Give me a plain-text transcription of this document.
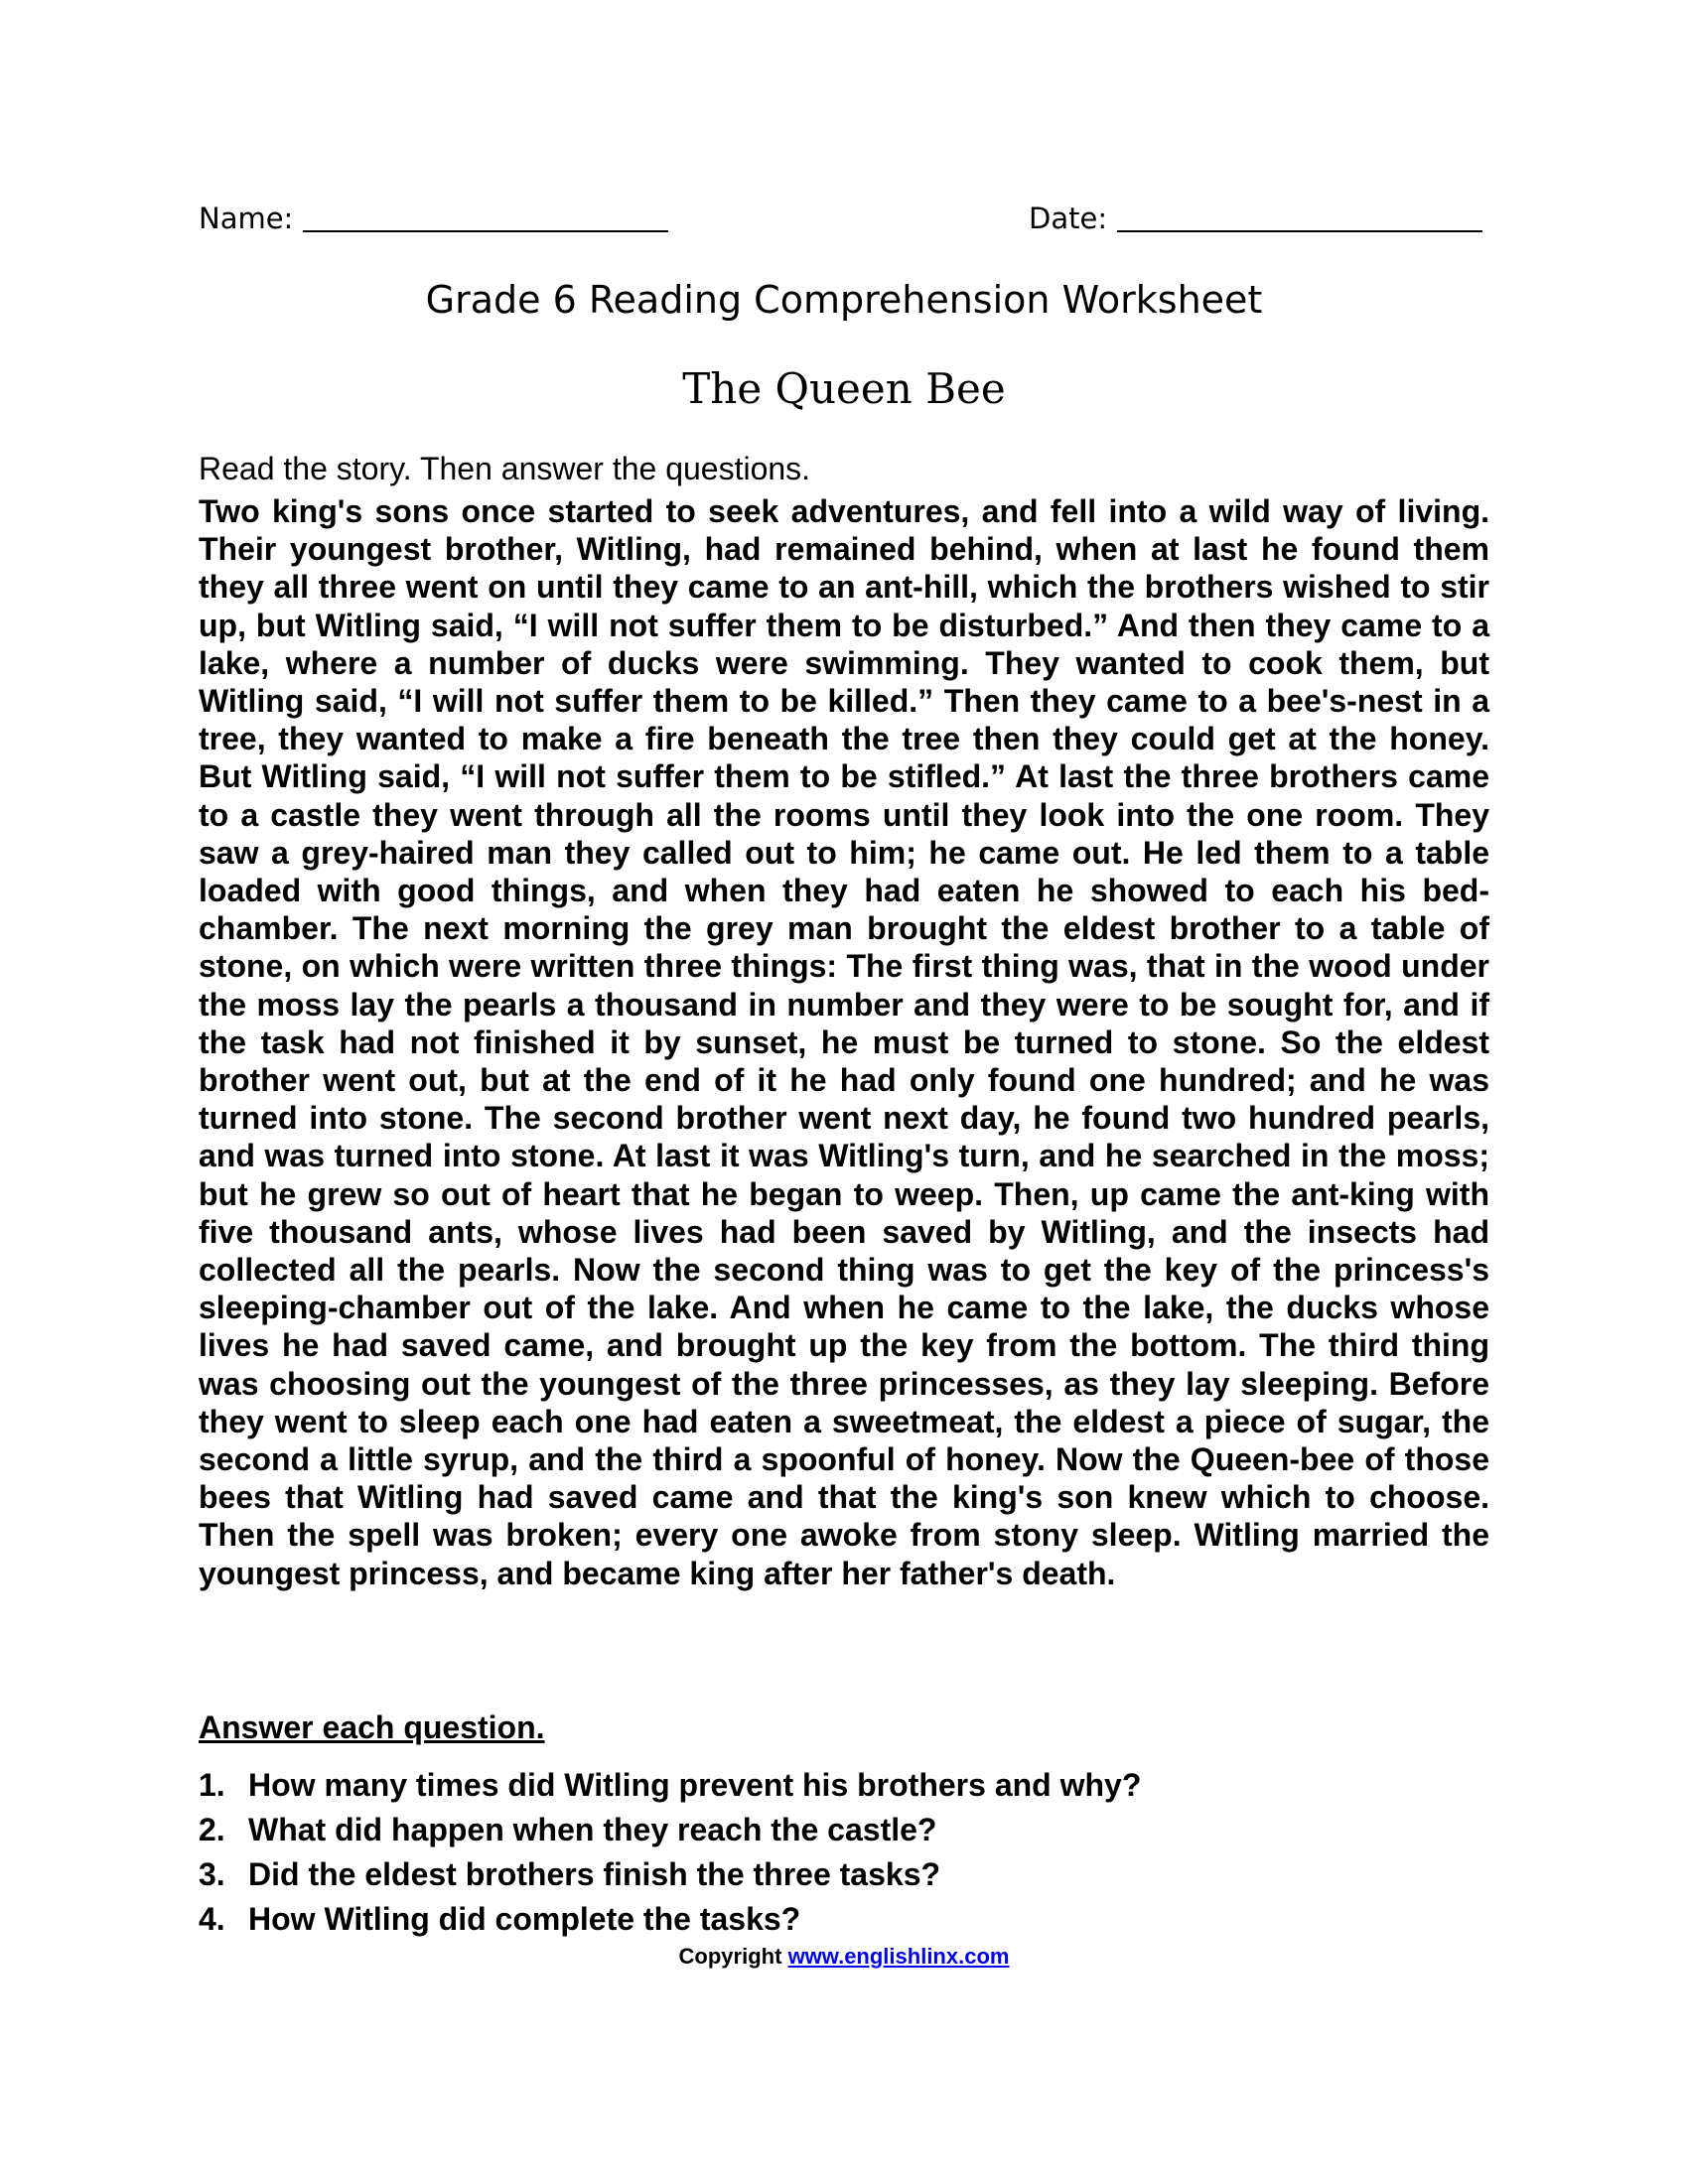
Name:	Date:
Grade 6 Reading Comprehension Worksheet
The Queen Bee
Read the story. Then answer the questions.

Two king's sons once started to seek adventures, and fell into a wild way of living. Their youngest brother, Witling, had remained behind, when at last he found them they all three went on until they came to an ant-hill, which the brothers wished to stir up, but Witling said, “I will not suffer them to be disturbed.” And then they came to a lake, where a number of ducks were swimming. They wanted to cook them, but Witling said, “I will not suffer them to be killed.” Then they came to a bee's-nest in a tree, they wanted to make a fire beneath the tree then they could get at the honey. But Witling said, “I will not suffer them to be stifled.” At last the three brothers came to a castle they went through all the rooms until they look into the one room. They saw a grey-haired man they called out to him; he came out. He led them to a table loaded with good things, and when they had eaten he showed to each his bed-chamber. The next morning the grey man brought the eldest brother to a table of stone, on which were written three things: The first thing was, that in the wood under the moss lay the pearls a thousand in number and they were to be sought for, and if the task had not finished it by sunset, he must be turned to stone. So the eldest brother went out, but at the end of it he had only found one hundred; and he was turned into stone. The second brother went next day, he found two hundred pearls, and was turned into stone. At last it was Witling's turn, and he searched in the moss; but he grew so out of heart that he began to weep. Then, up came the ant-king with five thousand ants, whose lives had been saved by Witling, and the insects had collected all the pearls. Now the second thing was to get the key of the princess's sleeping-chamber out of the lake. And when he came to the lake, the ducks whose lives he had saved came, and brought up the key from the bottom. The third thing was choosing out the youngest of the three princesses, as they lay sleeping. Before they went to sleep each one had eaten a sweetmeat, the eldest a piece of sugar, the second a little syrup, and the third a spoonful of honey. Now the Queen-bee of those bees that Witling had saved came and that the king's son knew which to choose. Then the spell was broken; every one awoke from stony sleep. Witling married the youngest princess, and became king after her father's death.

Answer each question.
1. How many times did Witling prevent his brothers and why?
2. What did happen when they reach the castle?
3. Did the eldest brothers finish the three tasks?
4. How Witling did complete the tasks?
Copyright www.englishlinx.com
